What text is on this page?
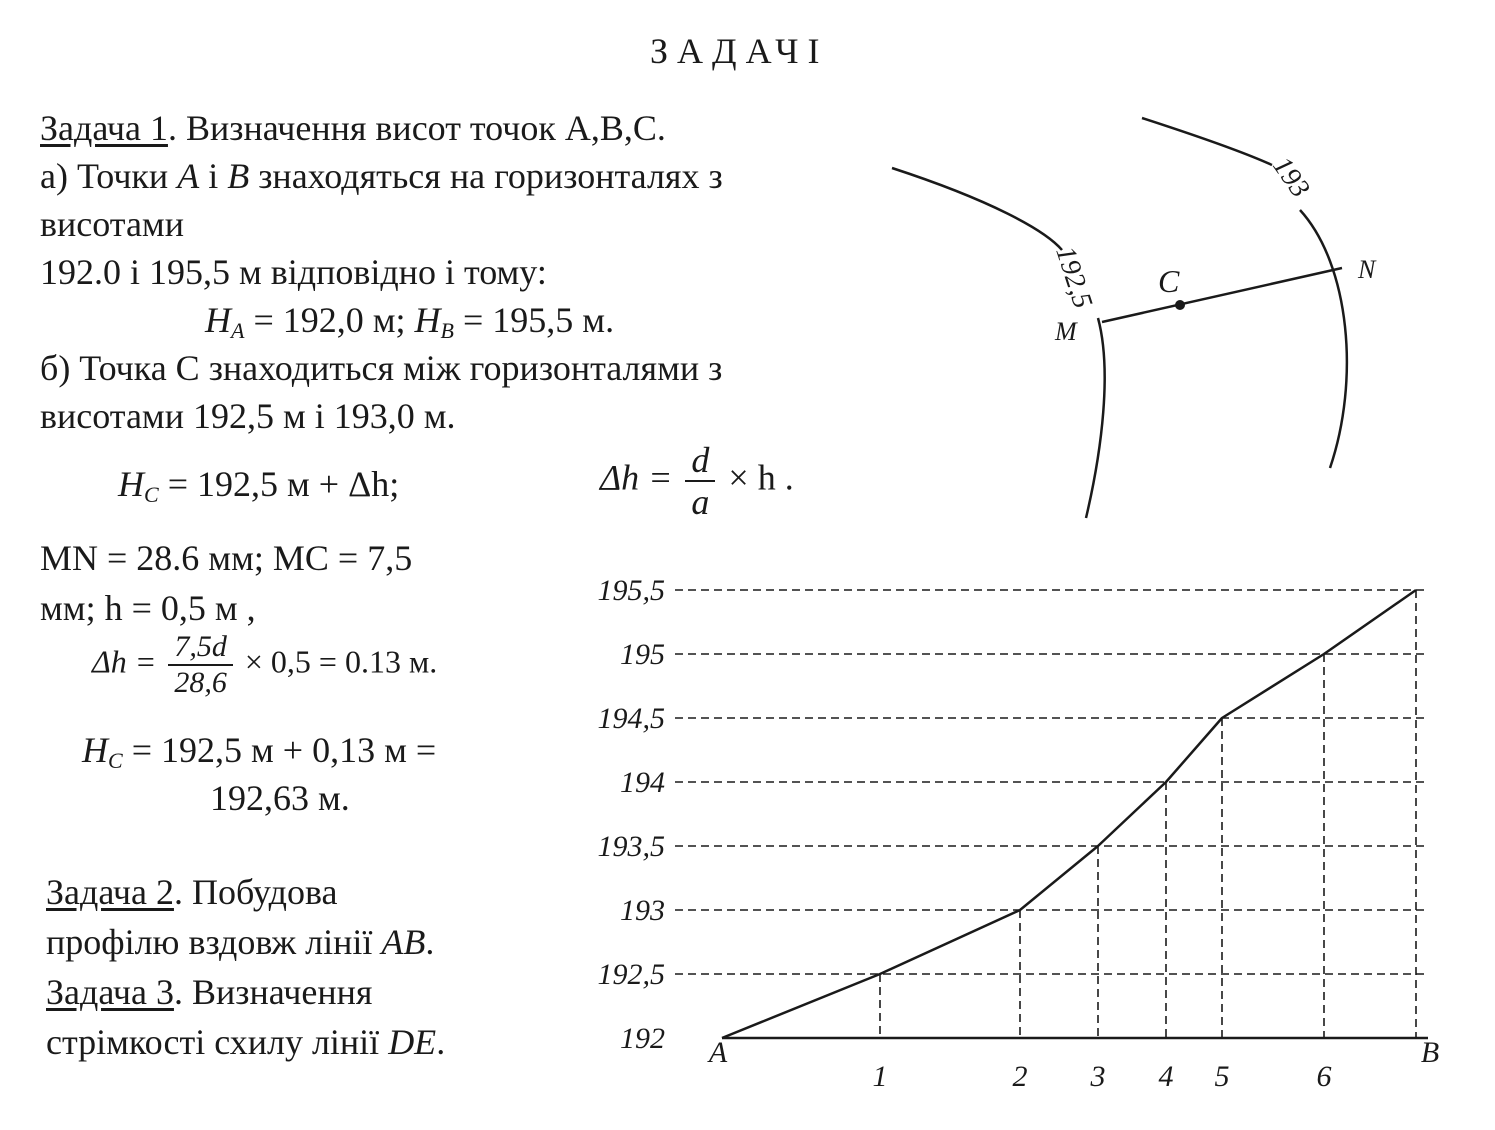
ЗАДАЧІ
Задача 1. Визначення висот точок А,В,С.
а) Точки A і B знаходяться на горизонталях з
висотами
192.0 і 195,5 м відповідно і тому:
$H_A = 192,0$ м; $H_B = 195,5$ м.
б) Точка С знаходиться між горизонталями з
висотами 192,5 м і 193,0 м.
$H_C = 192,5$ м + Δh;	$\Delta h = \frac{d}{a} \times h$ .
MN = 28.6 мм; MC = 7,5
мм; h = 0,5 м ,
$\Delta h = \frac{7,5d}{28,6} \times 0,5 = 0.13$ м.
$H_C = 192,5$ м + 0,13 м =
192,63 м.
Задача 2. Побудова
профілю вздовж лінії AB.
Задача 3. Визначення
стрімкості схилу лінії DE.
192,5
193
C
M
N
192
192,5
193
193,5
194
194,5
195
195,5
A
1	2 3 4 5	6
B
